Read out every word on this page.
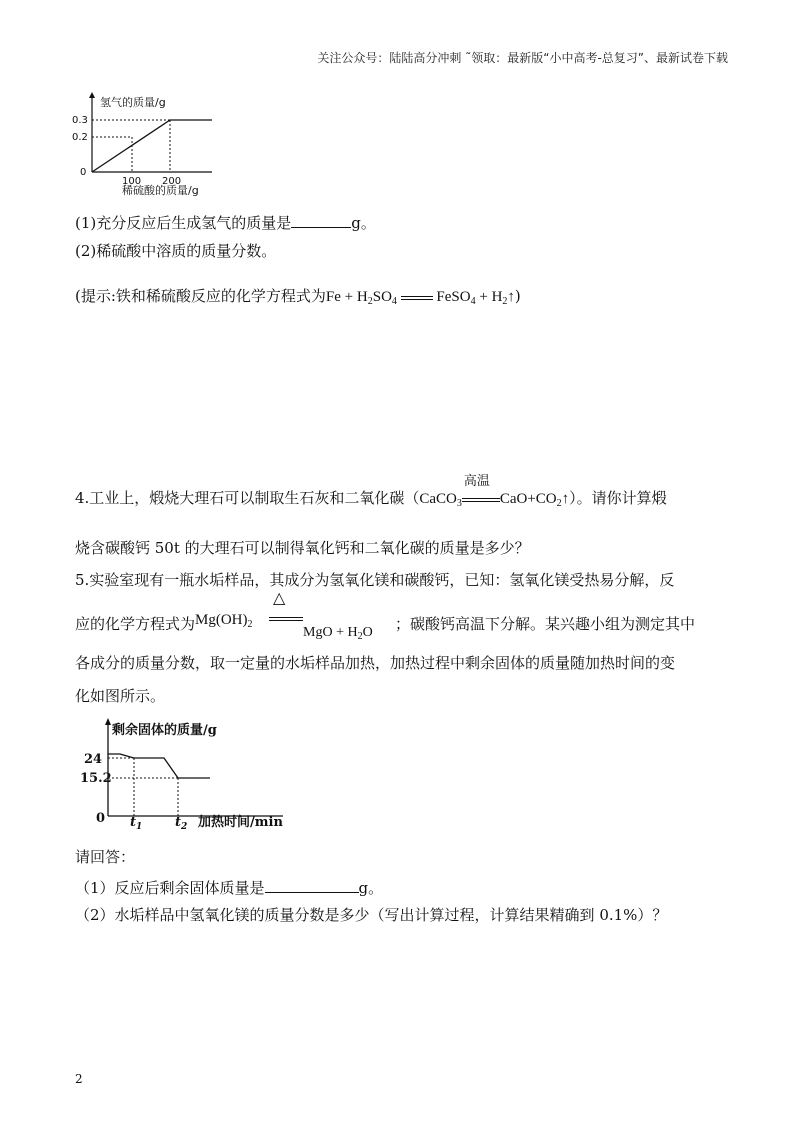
关注公众号：陆陆高分冲刺 ˜领取：最新版“小中高考-总复习”、最新试卷下载
氢气的质量/g
稀硫酸的质量/g
0.3
0.2
0
100 200
(1)充分反应后生成氢气的质量是	g。
(2)稀硫酸中溶质的质量分数。
(提示:铁和稀硫酸反应的化学方程式为$Fe + H_2SO_4$	FeSO$_4$ + $H_2↑$)
4.工业上，煅烧大理石可以制取生石灰和二氧化碳（CaCO$_3$
高温
$CaO+CO_2↑$）。请你计算煅
烧含碳酸钙 50t 的大理石可以制得氧化钙和二氧化碳的质量是多少？
5.实验室现有一瓶水垢样品，其成分为氢氧化镁和碳酸钙，已知：氢氧化镁受热易分解，反
应的化学方程式为 $Mg(OH)_2$
△
MgO + $H_2O$ ；碳酸钙高温下分解。某兴趣小组为测定其中
各成分的质量分数，取一定量的水垢样品加热，加热过程中剩余固体的质量随加热时间的变
化如图所示。
剩余固体的质量/g
24
15.2
0 $t_1$	$t_2$ 加热时间/min
请回答：
（1）反应后剩余固体质量是	g。
（2）水垢样品中氢氧化镁的质量分数是多少（写出计算过程，计算结果精确到 0.1%）？
2
